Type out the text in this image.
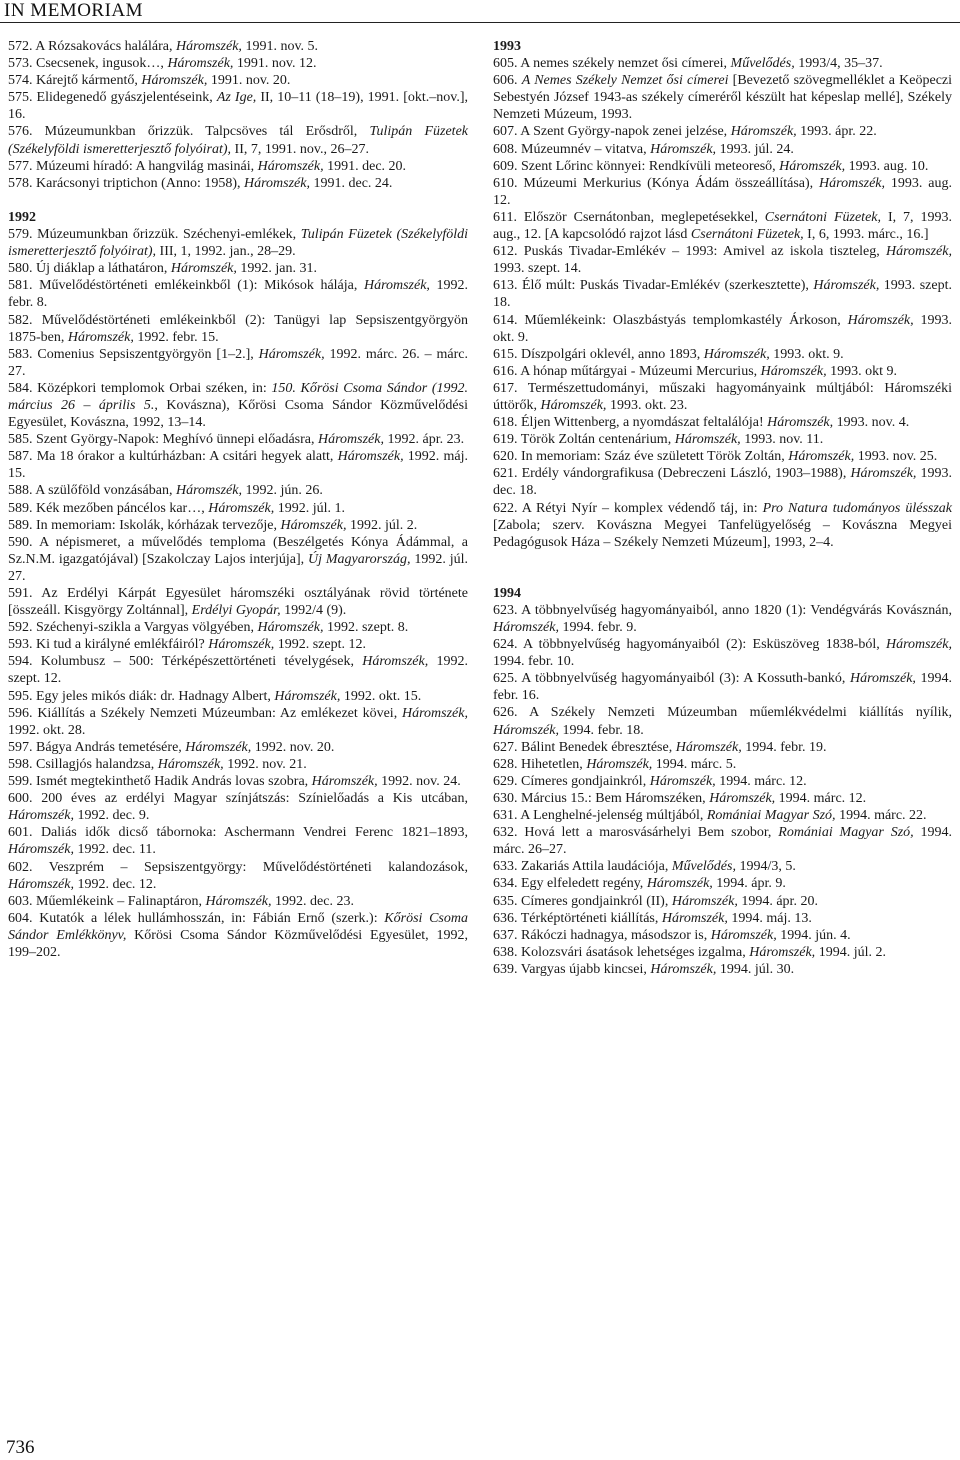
IN MEMORIAM

572. A Rózsakovács halálára, Háromszék, 1991. nov. 5.

573. Csecsenek, ingusok…, Háromszék, 1991. nov. 12.

574. Kárejtő kármentő, Háromszék, 1991. nov. 20.

575. Elidegenedő gyászjelentéseink, Az Ige, II, 10–11 (18–19), 1991. [okt.–nov.], 16.

576. Múzeumunkban őrizzük. Talpcsöves tál Erősdről, Tulipán Füzetek (Székelyföldi ismeretterjesztő folyóirat), II, 7, 1991. nov., 26–27.

577. Múzeumi híradó: A hangvilág masinái, Háromszék, 1991. dec. 20.

578. Karácsonyi triptichon (Anno: 1958), Háromszék, 1991. dec. 24.

1992

579. Múzeumunkban őrizzük. Széchenyi-emlékek, Tulipán Füzetek (Székelyföldi ismeretterjesztő folyóirat), III, 1, 1992. jan., 28–29.

580. Új diáklap a láthatáron, Háromszék, 1992. jan. 31.

581. Művelődéstörténeti emlékeinkből (1): Mikósok hálája, Háromszék, 1992. febr. 8.

582. Művelődéstörténeti emlékeinkből (2): Tanügyi lap Sepsiszentgyörgyön 1875-ben, Háromszék, 1992. febr. 15.

583. Comenius Sepsiszentgyörgyön [1–2.], Háromszék, 1992. márc. 26. – márc. 27.

584. Középkori templomok Orbai széken, in: 150. Kőrösi Csoma Sándor (1992. március 26 – április 5., Kovászna), Kőrösi Csoma Sándor Közművelődési Egyesület, Kovászna, 1992, 13–14.

585. Szent György-Napok: Meghívó ünnepi előadásra, Háromszék, 1992. ápr. 23.

587. Ma 18 órakor a kultúrházban: A csitári hegyek alatt, Háromszék, 1992. máj. 15.

588. A szülőföld vonzásában, Háromszék, 1992. jún. 26.

589. Kék mezőben páncélos kar…, Háromszék, 1992. júl. 1.

589. In memoriam: Iskolák, kórházak tervezője, Háromszék, 1992. júl. 2.

590. A népismeret, a művelődés temploma (Beszélgetés Kónya Ádámmal, a Sz.N.M. igazgatójával) [Szakolczay Lajos interjúja], Új Magyarország, 1992. júl. 27.

591. Az Erdélyi Kárpát Egyesület háromszéki osztályának rövid története [összeáll. Kisgyörgy Zoltánnal], Erdélyi Gyopár, 1992/4 (9).

592. Széchenyi-szikla a Vargyas völgyében, Háromszék, 1992. szept. 8.

593. Ki tud a királyné emlékfáiról? Háromszék, 1992. szept. 12.

594. Kolumbusz – 500: Térképészettörténeti tévelygések, Háromszék, 1992. szept. 12.

595. Egy jeles mikós diák: dr. Hadnagy Albert, Háromszék, 1992. okt. 15.

596. Kiállítás a Székely Nemzeti Múzeumban: Az emlékezet kövei, Háromszék, 1992. okt. 28.

597. Bágya András temetésére, Háromszék, 1992. nov. 20.

598. Csillagjós halandzsa, Háromszék, 1992. nov. 21.

599. Ismét megtekinthető Hadik András lovas szobra, Háromszék, 1992. nov. 24.

600. 200 éves az erdélyi Magyar színjátszás: Színielőadás a Kis utcában, Háromszék, 1992. dec. 9.

601. Daliás idők dicső tábornoka: Aschermann Vendrei Ferenc 1821–1893, Háromszék, 1992. dec. 11.

602. Veszprém – Sepsiszentgyörgy: Művelődéstörténeti kalandozások, Háromszék, 1992. dec. 12.

603. Műemlékeink – Falinaptáron, Háromszék, 1992. dec. 23.

604. Kutatók a lélek hullámhosszán, in: Fábián Ernő (szerk.): Kőrösi Csoma Sándor Emlékkönyv, Kőrösi Csoma Sándor Közművelődési Egyesület, 1992, 199–202.

1993

605. A nemes székely nemzet ősi címerei, Művelődés, 1993/4, 35–37.

606. A Nemes Székely Nemzet ősi címerei [Bevezető szövegmelléklet a Keöpeczi Sebestyén József 1943-as székely címeréről készült hat képeslap mellé], Székely Nemzeti Múzeum, 1993.

607. A Szent György-napok zenei jelzése, Háromszék, 1993. ápr. 22.

608. Múzeumnév – vitatva, Háromszék, 1993. júl. 24.

609. Szent Lőrinc könnyei: Rendkívüli meteoreső, Háromszék, 1993. aug. 10.

610. Múzeumi Merkurius (Kónya Ádám összeállítása), Háromszék, 1993. aug. 12.

611. Először Csernátonban, meglepetésekkel, Csernátoni Füzetek, I, 7, 1993. aug., 12. [A kapcsolódó rajzot lásd Csernátoni Füzetek, I, 6, 1993. márc., 16.]

612. Puskás Tivadar-Emlékév – 1993: Amivel az iskola tiszteleg, Háromszék, 1993. szept. 14.

613. Élő múlt: Puskás Tivadar-Emlékév (szerkesztette), Háromszék, 1993. szept. 18.

614. Műemlékeink: Olaszbástyás templomkastély Árkoson, Háromszék, 1993. okt. 9.

615. Díszpolgári oklevél, anno 1893, Háromszék, 1993. okt. 9.

616. A hónap műtárgyai - Múzeumi Mercurius, Háromszék, 1993. okt 9.

617. Természettudományi, műszaki hagyományaink múltjából: Háromszéki úttörők, Háromszék, 1993. okt. 23.

618. Éljen Wittenberg, a nyomdászat feltalálója! Háromszék, 1993. nov. 4.

619. Török Zoltán centenárium, Háromszék, 1993. nov. 11.

620. In memoriam: Száz éve született Török Zoltán, Háromszék, 1993. nov. 25.

621. Erdély vándorgrafikusa (Debreczeni László, 1903–1988), Háromszék, 1993. dec. 18.

622. A Rétyi Nyír – komplex védendő táj, in: Pro Natura tudományos ülésszak [Zabola; szerv. Kovászna Megyei Tanfelügyelőség – Kovászna Megyei Pedagógusok Háza – Székely Nemzeti Múzeum], 1993, 2–4.

1994

623. A többnyelvűség hagyományaiból, anno 1820 (1): Vendégvárás Kovásznán, Háromszék, 1994. febr. 9.

624. A többnyelvűség hagyományaiból (2): Esküszöveg 1838-ból, Háromszék, 1994. febr. 10.

625. A többnyelvűség hagyományaiból (3): A Kossuth-bankó, Háromszék, 1994. febr. 16.

626. A Székely Nemzeti Múzeumban műemlékvédelmi kiállítás nyílik, Háromszék, 1994. febr. 18.

627. Bálint Benedek ébresztése, Háromszék, 1994. febr. 19.

628. Hihetetlen, Háromszék, 1994. márc. 5.

629. Címeres gondjainkról, Háromszék, 1994. márc. 12.

630. Március 15.: Bem Háromszéken, Háromszék, 1994. márc. 12.

631. A Lenghelné-jelenség múltjából, Romániai Magyar Szó, 1994. márc. 22.

632. Hová lett a marosvásárhelyi Bem szobor, Romániai Magyar Szó, 1994. márc. 26–27.

633. Zakariás Attila laudációja, Művelődés, 1994/3, 5.

634. Egy elfeledett regény, Háromszék, 1994. ápr. 9.

635. Címeres gondjainkról (II), Háromszék, 1994. ápr. 20.

636. Térképtörténeti kiállítás, Háromszék, 1994. máj. 13.

637. Rákóczi hadnagya, másodszor is, Háromszék, 1994. jún. 4.

638. Kolozsvári ásatások lehetséges izgalma, Háromszék, 1994. júl. 2.

639. Vargyas újabb kincsei, Háromszék, 1994. júl. 30.

736
